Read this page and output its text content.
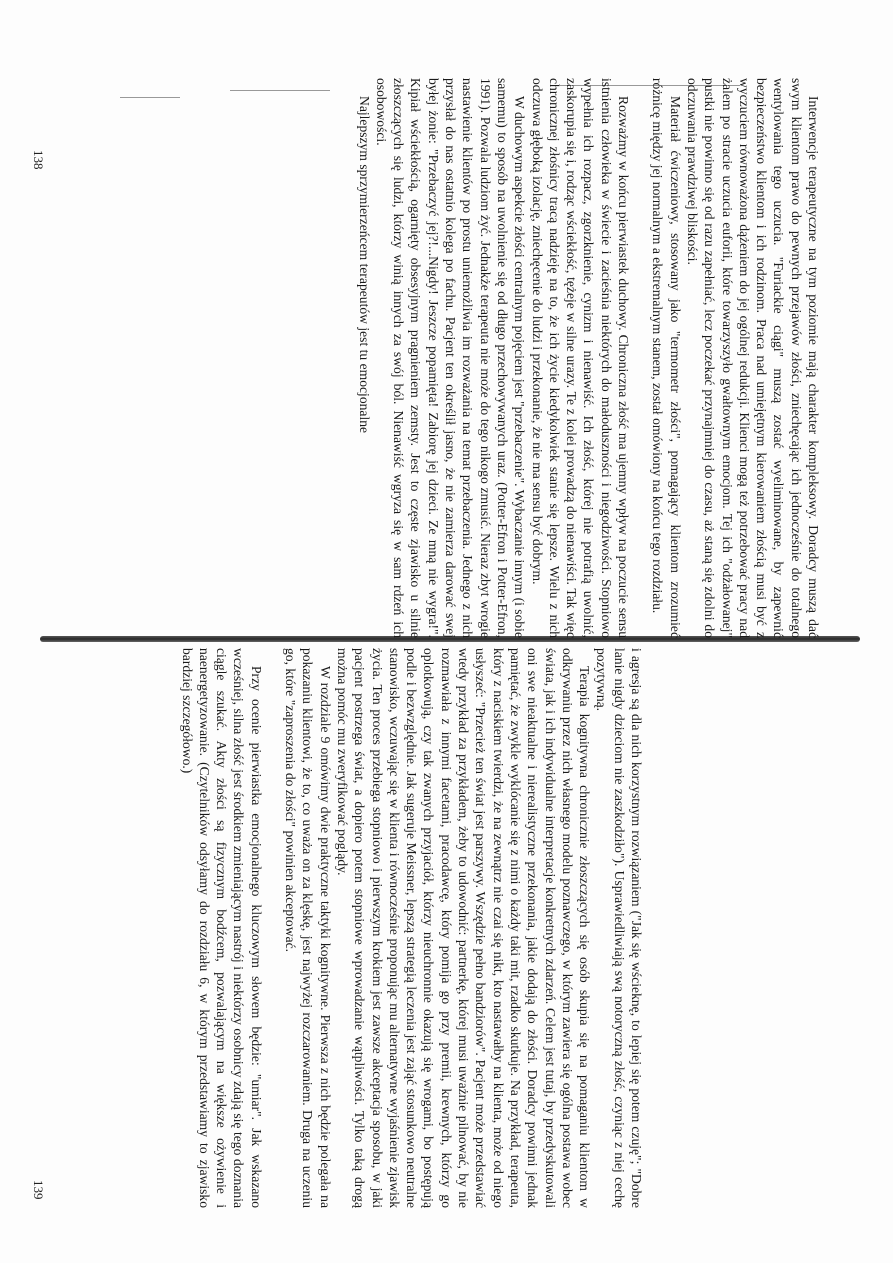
Interwencje terapeutyczne na tym poziomie mają charakter kompleksowy. Doradcy muszą dać swym klientom prawo do pewnych przejawów złości, zniechęcając ich jednocześnie do totalnego wentylowania tego uczucia. "Furiackie ciągi" muszą zostać wyeliminowane, by zapewnić bezpieczeństwo klientom i ich rodzinom. Praca nad umiejętnym kierowaniem złością musi być z wyczuciem równoważona dążeniem do jej ogólnej redukcji. Klienci mogą też potrzebować pracy nad żalem po stracie uczucia euforii, które towarzyszyło gwałtownym emocjom. Tej ich "odżałowanej" pustki nie powinno się od razu zapełniać, lecz poczekać przynajmniej do czasu, aż staną się zdolni do odczuwania prawdziwej bliskości.

Materiał ćwiczeniowy, stosowany jako "termometr złości", pomagający klientom zrozumieć różnicę między jej normalnym a ekstremalnym stanem, został omówiony na końcu tego rozdziału.

Rozważmy w końcu pierwiastek duchowy. Chroniczna złość ma ujemny wpływ na poczucie sensu istnienia człowieka w świecie i zacieśnia niektórych do małoduszności i niegodziwości. Stopniowo wypełnia ich rozpacz, zgorzknienie, cynizm i nienawiść. Ich złość, której nie potrafią uwolnić, zaskorupia się i, rodząc wściekłość, tężeje w silne urazy. Te z kolei prowadzą do nienawiści. Tak więc chronicznej złośnicy tracą nadzieję na to, że ich życie kiedykolwiek stanie się lepsze. Wielu z nich odczuwa głęboką izolację, zniechęcenie do ludzi i przekonanie, że nie ma sensu być dobrym.

W duchowym aspekcie złości centralnym pojęciem jest "przebaczenie". Wybaczanie innym (i sobie samemu) to sposób na uwolnienie się od długo przechowywanych uraz. (Potter-Efron i Potter-Efron, 1991). Pozwala ludziom żyć. Jednakże terapeuta nie może do tego nikogo zmusić. Nieraz zbyt wrogie nastawienie klientów po prostu uniemożliwia im rozważania na temat przebaczenia. Jednego z nich przysłał do nas ostatnio kolega po fachu. Pacjent ten określił jasno, że nie zamierza darować swej byłej żonie: "Przebaczyć jej?!...Nigdy! Jeszcze popamięta! Zabiorę jej dzieci. Ze mną nie wygra!". Kipiał wściekłością, ogarnięty obsesyjnym pragnieniem zemsty. Jest to częste zjawisko u silnie złoszczących się ludzi, którzy winią innych za swój ból. Nienawiść wgryza się w sam rdzeń ich osobowości.

Najlepszym sprzymierzeńcem terapeutów jest tu emocjonalne

i agresja są dla nich korzystnym rozwiązaniem ("Jak się wścieknę, to lepiej się potem czuję"; "Dobre lanie nigdy dzieciom nie zaszkodziło"). Usprawiedliwiają swą notoryczną złość, czyniąc z niej cechę pozytywną.

Terapia kognitywna chronicznie złoszczących się osób skupia się na pomaganiu klientom w odkrywaniu przez nich własnego modelu poznawczego, w którym zawiera się ogólna postawa wobec świata, jak i ich indywidualne interpretacje konkretnych zdarzeń. Celem jest tutaj, by przedyskutowali oni swe nieaktualne i nierealistyczne przekonania, jakie dodają do złości. Doradcy powinni jednak pamiętać, że zwykle wyklócanie się z nimi o każdy taki mit, rzadko skutkuje. Na przykład, terapeuta, który z naciskiem twierdzi, że na zewnątrz nie czai się nikt, kto nastawałby na klienta, może od niego usłyszeć: "Przecież ten świat jest parszywy. Wszędzie pełno bandziorów". Pacjent może przedstawiać wtedy przykład za przykładem, żeby to udowodnić: partnerkę, której musi uważnie pilnować, by nie rozmawiała z innymi facetami, pracodawcę, który pomija go przy premii, krewnych, którzy go oplotkowują, czy tak zwanych przyjaciół, którzy nieuchronnie okazują się wrogami, bo postępują podle i bezwzględnie. Jak sugeruje Meissner, lepszą strategią leczenia jest zająć stosunkowo neutralne stanowisko, wczuwając się w klienta i równocześnie proponując mu alternatywne wyjaśnienie zjawisk życia. Ten proces przebiega stopniowo i pierwszym krokiem jest zawsze akceptacja sposobu, w jaki pacjent postrzega świat, a dopiero potem stopniowe wprowadzanie wątpliwości. Tylko taką drogą można pomóc mu zweryfikować poglądy.

W rozdziale 9 omówimy dwie praktyczne taktyki kognitywne. Pierwsza z nich będzie polegała na pokazaniu klientowi, że to, co uważa on za klęskę, jest najwyżej rozczarowaniem. Druga na uczeniu go, które "zaproszenia do złości" powinien akceptować.

Przy ocenie pierwiastka emocjonalnego kluczowym słowem będzie: "umiar". Jak wskazano wcześniej, silna złość jest środkiem zmieniającym nastrój i niektórzy osobnicy zdają się tego doznania ciągle szukać. Akty złości są fizycznym bodźcem, pozwalającym na większe ożywienie i naenergetyzowanie. (Czytelników odsyłamy do rozdziału 6, w którym przedstawiamy to zjawisko bardziej szczegółowo.)

139
138
